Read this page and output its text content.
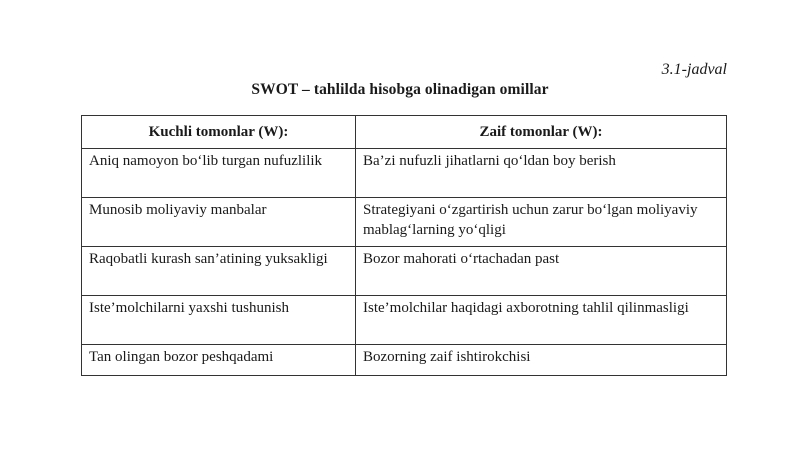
3.1-jadval
SWOT – tahlilda hisobga olinadigan omillar
Kuchli tomonlar (W):	Zaif tomonlar (W):
Aniq namoyon bo‘lib turgan nufuzlilik	Ba’zi nufuzli jihatlarni qo‘ldan boy berish
Munosib moliyaviy manbalar	Strategiyani o‘zgartirish uchun zarur bo‘lgan moliyaviy mablag‘larning yo‘qligi
Raqobatli kurash san’atining yuksakligi	Bozor mahorati o‘rtachadan past
Iste’molchilarni yaxshi tushunish	Iste’molchilar haqidagi axborotning tahlil qilinmasligi
Tan olingan bozor peshqadami	Bozorning zaif ishtirokchisi
